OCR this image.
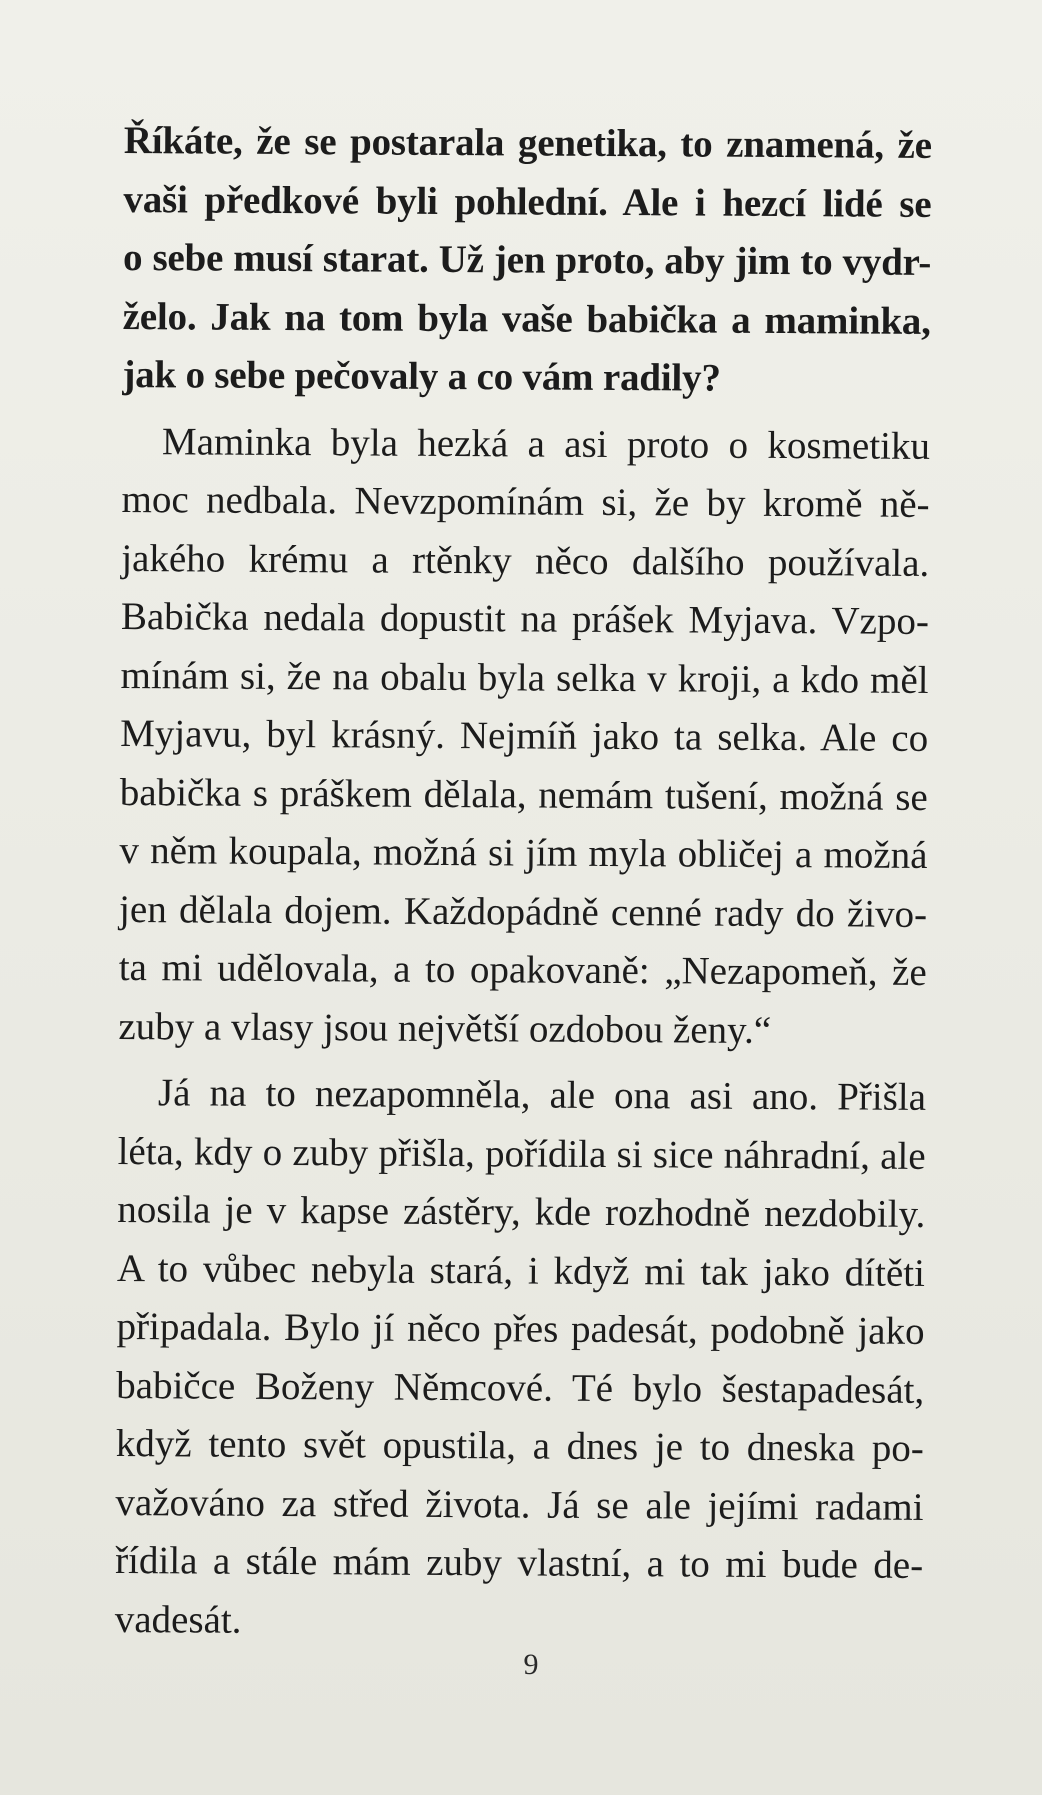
Říkáte, že se postarala genetika, to znamená, že
vaši předkové byli pohlední. Ale i hezcí lidé se
o sebe musí starat. Už jen proto, aby jim to vydr-
želo. Jak na tom byla vaše babička a maminka,
jak o sebe pečovaly a co vám radily?
Maminka byla hezká a asi proto o kosmetiku
moc nedbala. Nevzpomínám si, že by kromě ně-
jakého krému a rtěnky něco dalšího používala.
Babička nedala dopustit na prášek Myjava. Vzpo-
mínám si, že na obalu byla selka v kroji, a kdo měl
Myjavu, byl krásný. Nejmíň jako ta selka. Ale co
babička s práškem dělala, nemám tušení, možná se
v něm koupala, možná si jím myla obličej a možná
jen dělala dojem. Každopádně cenné rady do živo-
ta mi udělovala, a to opakovaně: „Nezapomeň, že
zuby a vlasy jsou největší ozdobou ženy.“
Já na to nezapomněla, ale ona asi ano. Přišla
léta, kdy o zuby přišla, pořídila si sice náhradní, ale
nosila je v kapse zástěry, kde rozhodně nezdobily.
A to vůbec nebyla stará, i když mi tak jako dítěti
připadala. Bylo jí něco přes padesát, podobně jako
babičce Boženy Němcové. Té bylo šestapadesát,
když tento svět opustila, a dnes je to dneska po-
važováno za střed života. Já se ale jejími radami
řídila a stále mám zuby vlastní, a to mi bude de-
vadesát.
9
